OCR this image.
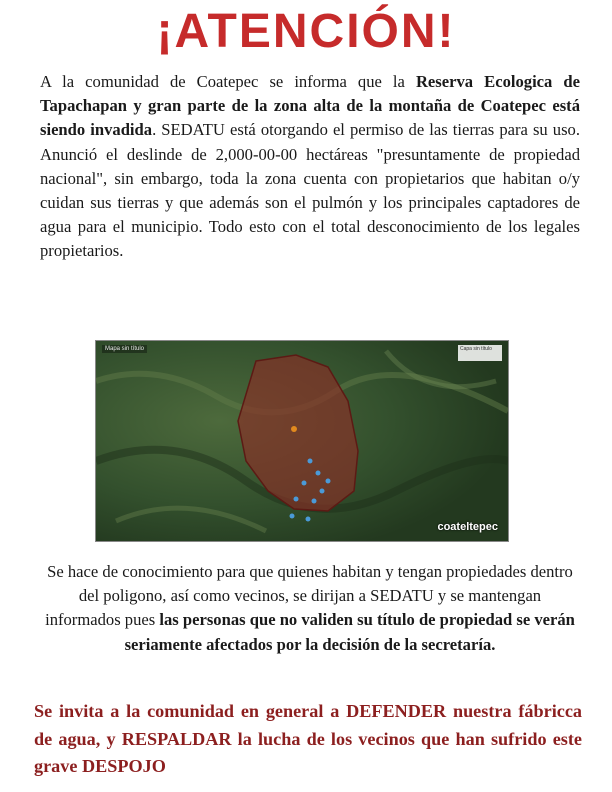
¡ATENCIÓN!
A la comunidad de Coatepec se informa que la Reserva Ecologica de Tapachapan y gran parte de la zona alta de la montaña de Coatepec está siendo invadida. SEDATU está otorgando el permiso de las tierras para su uso. Anunció el deslinde de 2,000-00-00 hectáreas "presuntamente de propiedad nacional", sin embargo, toda la zona cuenta con propietarios que habitan o/y cuidan sus tierras y que además son el pulmón y los principales captadores de agua para el municipio. Todo esto con el total desconocimiento de los legales propietarios.
Mapa sin título	Capa sin título
coateltepec
Se hace de conocimiento para que quienes habitan y tengan propiedades dentro del poligono, así como vecinos, se dirijan a SEDATU y se mantengan informados pues las personas que no validen su título de propiedad se verán seriamente afectados por la decisión de la secretaría.
Se invita a la comunidad en general a DEFENDER nuestra fábricca de agua, y RESPALDAR la lucha de los vecinos que han sufrido este grave DESPOJO
